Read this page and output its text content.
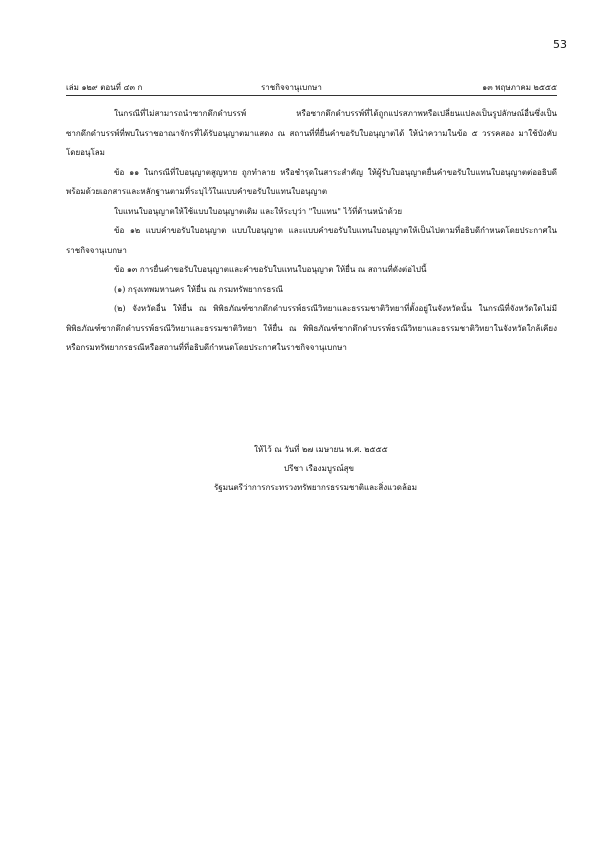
53
เล่ม ๑๒๙ ตอนที่ ๔๓ ก	ราชกิจจานุเบกษา	๑๓ พฤษภาคม ๒๕๕๕

ในกรณีที่ไม่สามารถนำซากดึกดำบรรพ์ หรือซากดึกดำบรรพ์ที่ได้ถูกแปรสภาพหรือเปลี่ยนแปลงเป็นรูปลักษณ์อื่นซึ่งเป็นซากดึกดำบรรพ์ที่พบในราชอาณาจักรที่ได้รับอนุญาตมาแสดง ณ สถานที่ที่ยื่นคำขอรับใบอนุญาตได้ ให้นำความในข้อ ๕ วรรคสอง มาใช้บังคับโดยอนุโลม

ข้อ ๑๑ ในกรณีที่ใบอนุญาตสูญหาย ถูกทำลาย หรือชำรุดในสาระสำคัญ ให้ผู้รับใบอนุญาตยื่นคำขอรับใบแทนใบอนุญาตต่ออธิบดี พร้อมด้วยเอกสารและหลักฐานตามที่ระบุไว้ในแบบคำขอรับใบแทนใบอนุญาต

ใบแทนใบอนุญาตให้ใช้แบบใบอนุญาตเดิม และให้ระบุว่า "ใบแทน" ไว้ที่ด้านหน้าด้วย

ข้อ ๑๒ แบบคำขอรับใบอนุญาต แบบใบอนุญาต และแบบคำขอรับใบแทนใบอนุญาตให้เป็นไปตามที่อธิบดีกำหนดโดยประกาศในราชกิจจานุเบกษา

ข้อ ๑๓ การยื่นคำขอรับใบอนุญาตและคำขอรับใบแทนใบอนุญาต ให้ยื่น ณ สถานที่ดังต่อไปนี้

(๑) กรุงเทพมหานคร ให้ยื่น ณ กรมทรัพยากรธรณี

(๒) จังหวัดอื่น ให้ยื่น ณ พิพิธภัณฑ์ซากดึกดำบรรพ์ธรณีวิทยาและธรรมชาติวิทยาที่ตั้งอยู่ในจังหวัดนั้น ในกรณีที่จังหวัดใดไม่มีพิพิธภัณฑ์ซากดึกดำบรรพ์ธรณีวิทยาและธรรมชาติวิทยา ให้ยื่น ณ พิพิธภัณฑ์ซากดึกดำบรรพ์ธรณีวิทยาและธรรมชาติวิทยาในจังหวัดใกล้เคียง หรือกรมทรัพยากรธรณีหรือสถานที่ที่อธิบดีกำหนดโดยประกาศในราชกิจจานุเบกษา

ให้ไว้ ณ วันที่ ๒๗ เมษายน พ.ศ. ๒๕๕๕
ปรีชา เรืองมบูรณ์สุข
รัฐมนตรีว่าการกระทรวงทรัพยากรธรรมชาติและสิ่งแวดล้อม
